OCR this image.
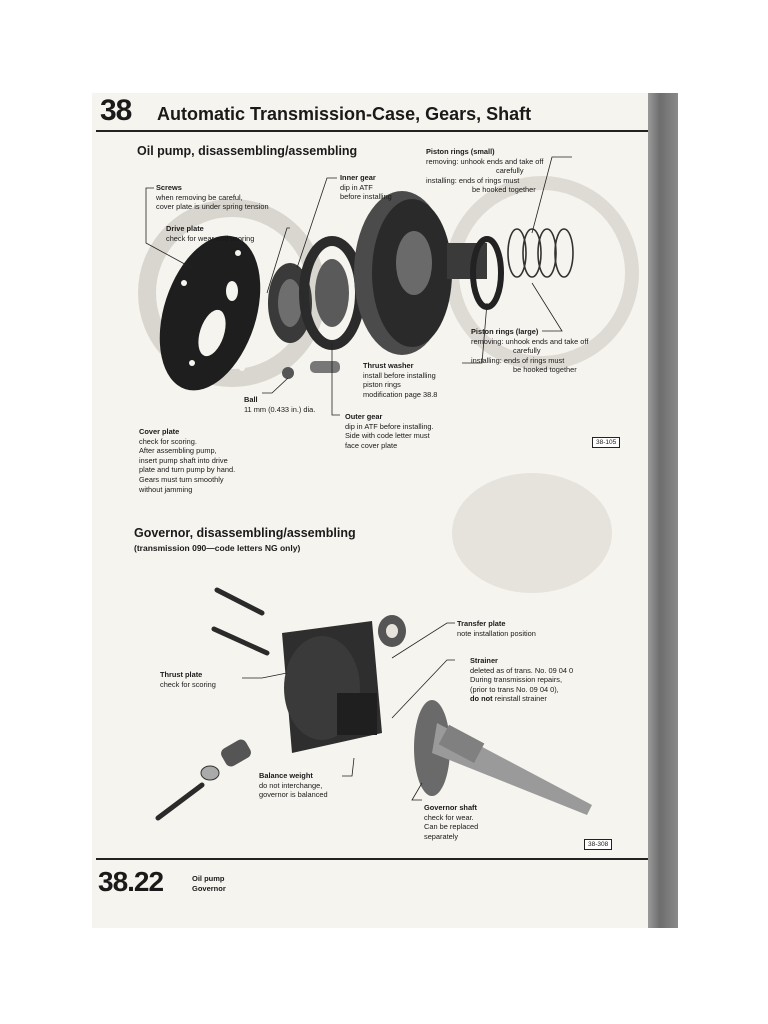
38 Automatic Transmission-Case, Gears, Shaft
Oil pump, disassembling/assembling
Screws
when removing be careful,
cover plate is under spring tension
Drive plate
check for wear and scoring
Inner gear
dip in ATF
before installing
Piston rings (small)
removing: unhook ends and take off
carefully
installing: ends of rings must
be hooked together
Piston rings (large)
removing: unhook ends and take off
carefully
installing: ends of rings must
be hooked together
Thrust washer
install before installing
piston rings
modification page 38.8
Ball
11 mm (0.433 in.) dia.
Outer gear
dip in ATF before installing.
Side with code letter must
face cover plate
Cover plate
check for scoring.
After assembling pump,
insert pump shaft into drive
plate and turn pump by hand.
Gears must turn smoothly
without jamming
38-105
Governor, disassembling/assembling
(transmission 090—code letters NG only)
Transfer plate
note installation position
Strainer
deleted as of trans. No. 09 04 0
During transmission repairs,
(prior to trans No. 09 04 0),
do not reinstall strainer
Thrust plate
check for scoring
Balance weight
do not interchange,
governor is balanced
Governor shaft
check for wear.
Can be replaced
separately
38-308
38.22	Oil pump
Governor
